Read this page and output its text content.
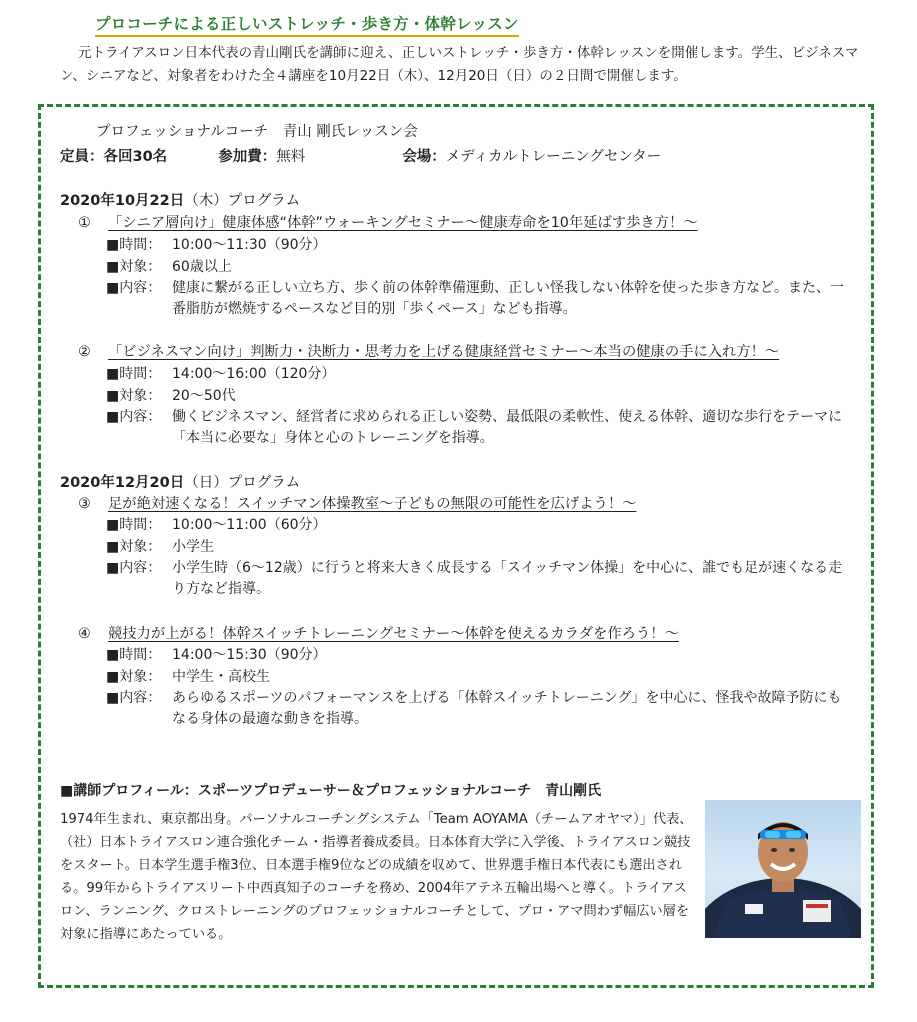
プロコーチによる正しいストレッチ・歩き方・体幹レッスン
元トライアスロン日本代表の青山剛氏を講師に迎え、正しいストレッチ・歩き方・体幹レッスンを開催します。学生、ビジネスマン、シニアなど、対象者をわけた全４講座を10月22日（木）、12月20日（日）の２日間で開催します。
プロフェッショナルコーチ　青山 剛氏レッスン会
定員：各回30名	参加費：無料	会場：メディカルトレーニングセンター
2020年10月22日（木）プログラム
① 「シニア層向け」健康体感“体幹”ウォーキングセミナー～健康寿命を10年延ばす歩き方！～
■時間： 10:00～11:30（90分）
■対象： 60歳以上
■内容： 健康に繋がる正しい立ち方、歩く前の体幹準備運動、正しい怪我しない体幹を使った歩き方など。また、一番脂肪が燃焼するペースなど目的別「歩くペース」なども指導。
② 「ビジネスマン向け」判断力・決断力・思考力を上げる健康経営セミナー～本当の健康の手に入れ方！～
■時間： 14:00～16:00（120分）
■対象： 20～50代
■内容： 働くビジネスマン、経営者に求められる正しい姿勢、最低限の柔軟性、使える体幹、適切な歩行をテーマに「本当に必要な」身体と心のトレーニングを指導。
2020年12月20日（日）プログラム
③ 足が絶対速くなる！スイッチマン体操教室～子どもの無限の可能性を広げよう！～
■時間： 10:00～11:00（60分）
■対象： 小学生
■内容： 小学生時（6～12歳）に行うと将来大きく成長する「スイッチマン体操」を中心に、誰でも足が速くなる走り方など指導。
④ 競技力が上がる！体幹スイッチトレーニングセミナー～体幹を使えるカラダを作ろう！～
■時間： 14:00～15:30（90分）
■対象： 中学生・高校生
■内容： あらゆるスポーツのパフォーマンスを上げる「体幹スイッチトレーニング」を中心に、怪我や故障予防にもなる身体の最適な動きを指導。
■講師プロフィール：スポーツプロデューサー＆プロフェッショナルコーチ　青山剛氏
1974年生まれ、東京都出身。パーソナルコーチングシステム「Team AOYAMA（チームアオヤマ）」代表、（社）日本トライアスロン連合強化チーム・指導者養成委員。日本体育大学に入学後、トライアスロン競技をスタート。日本学生選手権3位、日本選手権9位などの成績を収めて、世界選手権日本代表にも選出される。99年からトライアスリート中西真知子のコーチを務め、2004年アテネ五輪出場へと導く。トライアスロン、ランニング、クロストレーニングのプロフェッショナルコーチとして、プロ・アマ問わず幅広い層を対象に指導にあたっている。
